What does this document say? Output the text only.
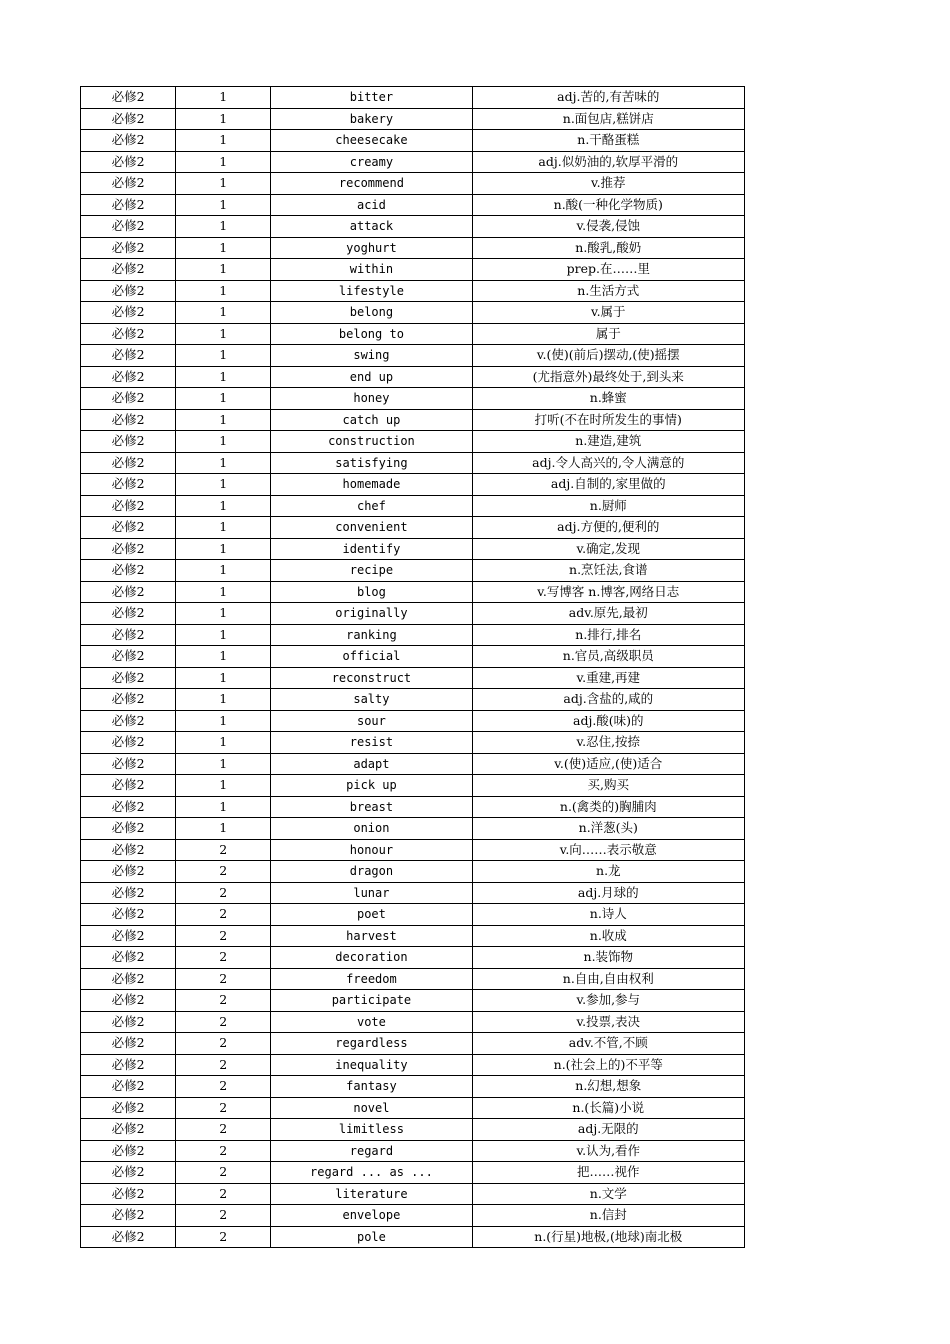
必修2	1	bitter	adj.苦的,有苦味的
必修2	1	bakery	n.面包店,糕饼店
必修2	1	cheesecake	n.干酪蛋糕
必修2	1	creamy	adj.似奶油的,软厚平滑的
必修2	1	recommend	v.推荐
必修2	1	acid	n.酸(一种化学物质)
必修2	1	attack	v.侵袭,侵蚀
必修2	1	yoghurt	n.酸乳,酸奶
必修2	1	within	prep.在……里
必修2	1	lifestyle	n.生活方式
必修2	1	belong	v.属于
必修2	1	belong to	属于
必修2	1	swing	v.(使)(前后)摆动,(使)摇摆
必修2	1	end up	(尤指意外)最终处于,到头来
必修2	1	honey	n.蜂蜜
必修2	1	catch up	打听(不在时所发生的事情)
必修2	1	construction	n.建造,建筑
必修2	1	satisfying	adj.令人高兴的,令人满意的
必修2	1	homemade	adj.自制的,家里做的
必修2	1	chef	n.厨师
必修2	1	convenient	adj.方便的,便利的
必修2	1	identify	v.确定,发现
必修2	1	recipe	n.烹饪法,食谱
必修2	1	blog	v.写博客 n.博客,网络日志
必修2	1	originally	adv.原先,最初
必修2	1	ranking	n.排行,排名
必修2	1	official	n.官员,高级职员
必修2	1	reconstruct	v.重建,再建
必修2	1	salty	adj.含盐的,咸的
必修2	1	sour	adj.酸(味)的
必修2	1	resist	v.忍住,按捺
必修2	1	adapt	v.(使)适应,(使)适合
必修2	1	pick up	买,购买
必修2	1	breast	n.(禽类的)胸脯肉
必修2	1	onion	n.洋葱(头)
必修2	2	honour	v.向……表示敬意
必修2	2	dragon	n.龙
必修2	2	lunar	adj.月球的
必修2	2	poet	n.诗人
必修2	2	harvest	n.收成
必修2	2	decoration	n.装饰物
必修2	2	freedom	n.自由,自由权利
必修2	2	participate	v.参加,参与
必修2	2	vote	v.投票,表决
必修2	2	regardless	adv.不管,不顾
必修2	2	inequality	n.(社会上的)不平等
必修2	2	fantasy	n.幻想,想象
必修2	2	novel	n.(长篇)小说
必修2	2	limitless	adj.无限的
必修2	2	regard	v.认为,看作
必修2	2	regard ... as ...	把……视作
必修2	2	literature	n.文学
必修2	2	envelope	n.信封
必修2	2	pole	n.(行星)地极,(地球)南北极
